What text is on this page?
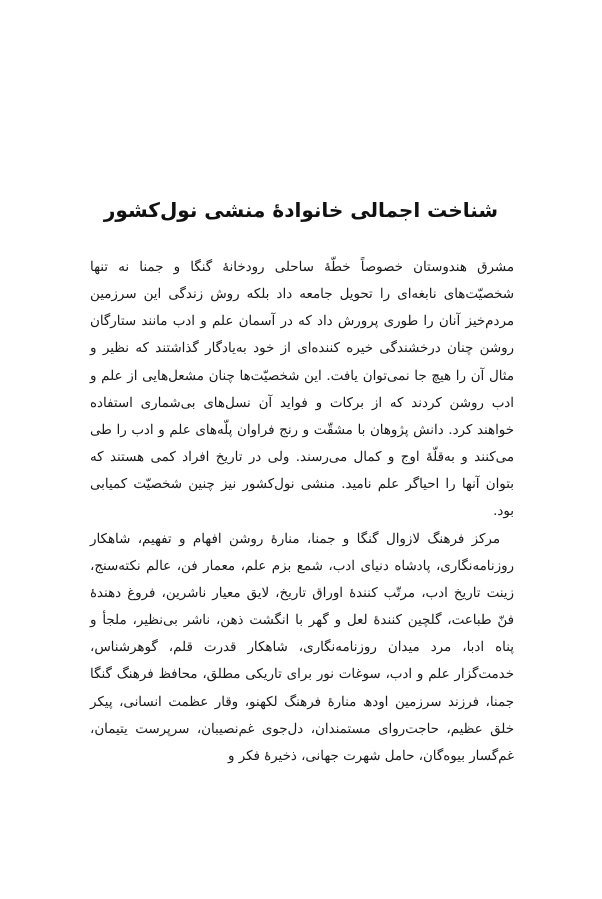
شناخت اجمالی خانوادهٔ منشی نول‌کشور

مشرق هندوستان خصوصاً خطّهٔ ساحلی رودخانهٔ گنگا و جمنا نه تنها شخصیّت‌های نابغه‌ای را تحویل جامعه داد بلکه روش زندگی این سرزمین مردم‌خیز آنان را طوری پرورش داد که در آسمان علم و ادب مانند ستارگان روشن چنان درخشندگی خیره کننده‌ای از خود به‌یادگار گذاشتند که نظیر و مثال آن را هیچ جا نمی‌توان یافت. این شخصیّت‌ها چنان مشعل‌هایی از علم و ادب روشن کردند که از برکات و فواید آن نسل‌های بی‌شماری استفاده خواهند کرد. دانش پژوهان با مشقّت و رنج فراوان پلّه‌های علم و ادب را طی می‌کنند و به‌قلّهٔ اوج و کمال می‌رسند. ولی در تاریخ افراد کمی هستند که بتوان آنها را احیاگر علم نامید. منشی نول‌کشور نیز چنین شخصیّت کمیابی بود.

مرکز فرهنگ لازوال گنگا و جمنا، منارهٔ روشن افهام و تفهیم، شاهکار روزنامه‌نگاری، پادشاه دنیای ادب، شمع بزم علم، معمار فن، عالم نکته‌سنج، زینت تاریخ ادب، مرتّب کنندهٔ اوراق تاریخ، لایق معیار ناشرین، فروغ دهندهٔ فنّ طباعت، گلچین کنندهٔ لعل و گهر با انگشت ذهن، ناشر بی‌نظیر، ملجأ و پناه ادبا، مرد میدان روزنامه‌نگاری، شاهکار قدرت قلم، گوهرشناس، خدمت‌گزار علم و ادب، سوغات نور برای تاریکی مطلق، محافظ فرهنگ گنگا جمنا، فرزند سرزمین اودھ منارهٔ فرهنگ لکهنو، وقار عظمت انسانی، پیکر خلق عظیم، حاجت‌روای مستمندان، دل‌جوی غم‌نصیبان، سرپرست یتیمان، غم‌گسار بیوه‌گان، حامل شهرت جهانی، ذخیرهٔ فکر و
